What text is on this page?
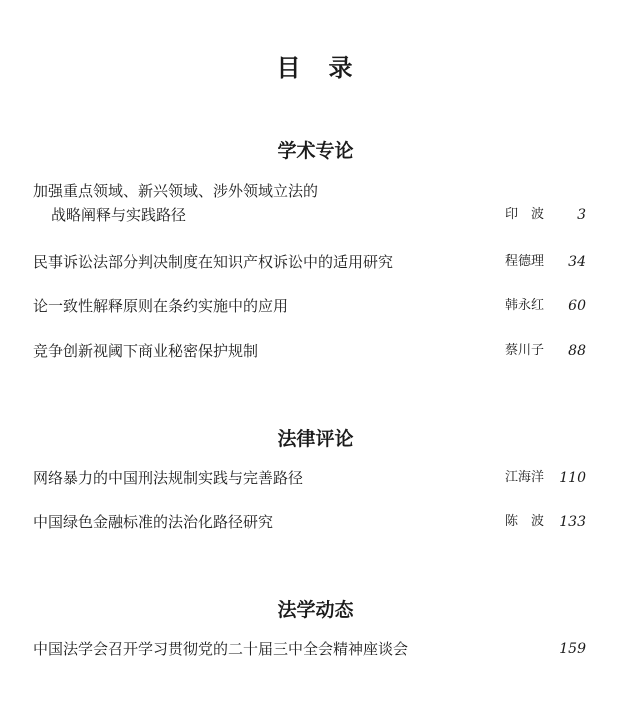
目　录
学术专论
加强重点领域、新兴领域、涉外领域立法的
战略阐释与实践路径	印　波 3
民事诉讼法部分判决制度在知识产权诉讼中的适用研究	程德理 34
论一致性解释原则在条约实施中的应用	韩永红 60
竞争创新视阈下商业秘密保护规制	蔡川子 88
法律评论
网络暴力的中国刑法规制实践与完善路径	江海洋 110
中国绿色金融标准的法治化路径研究	陈　波 133
法学动态
中国法学会召开学习贯彻党的二十届三中全会精神座谈会	159
